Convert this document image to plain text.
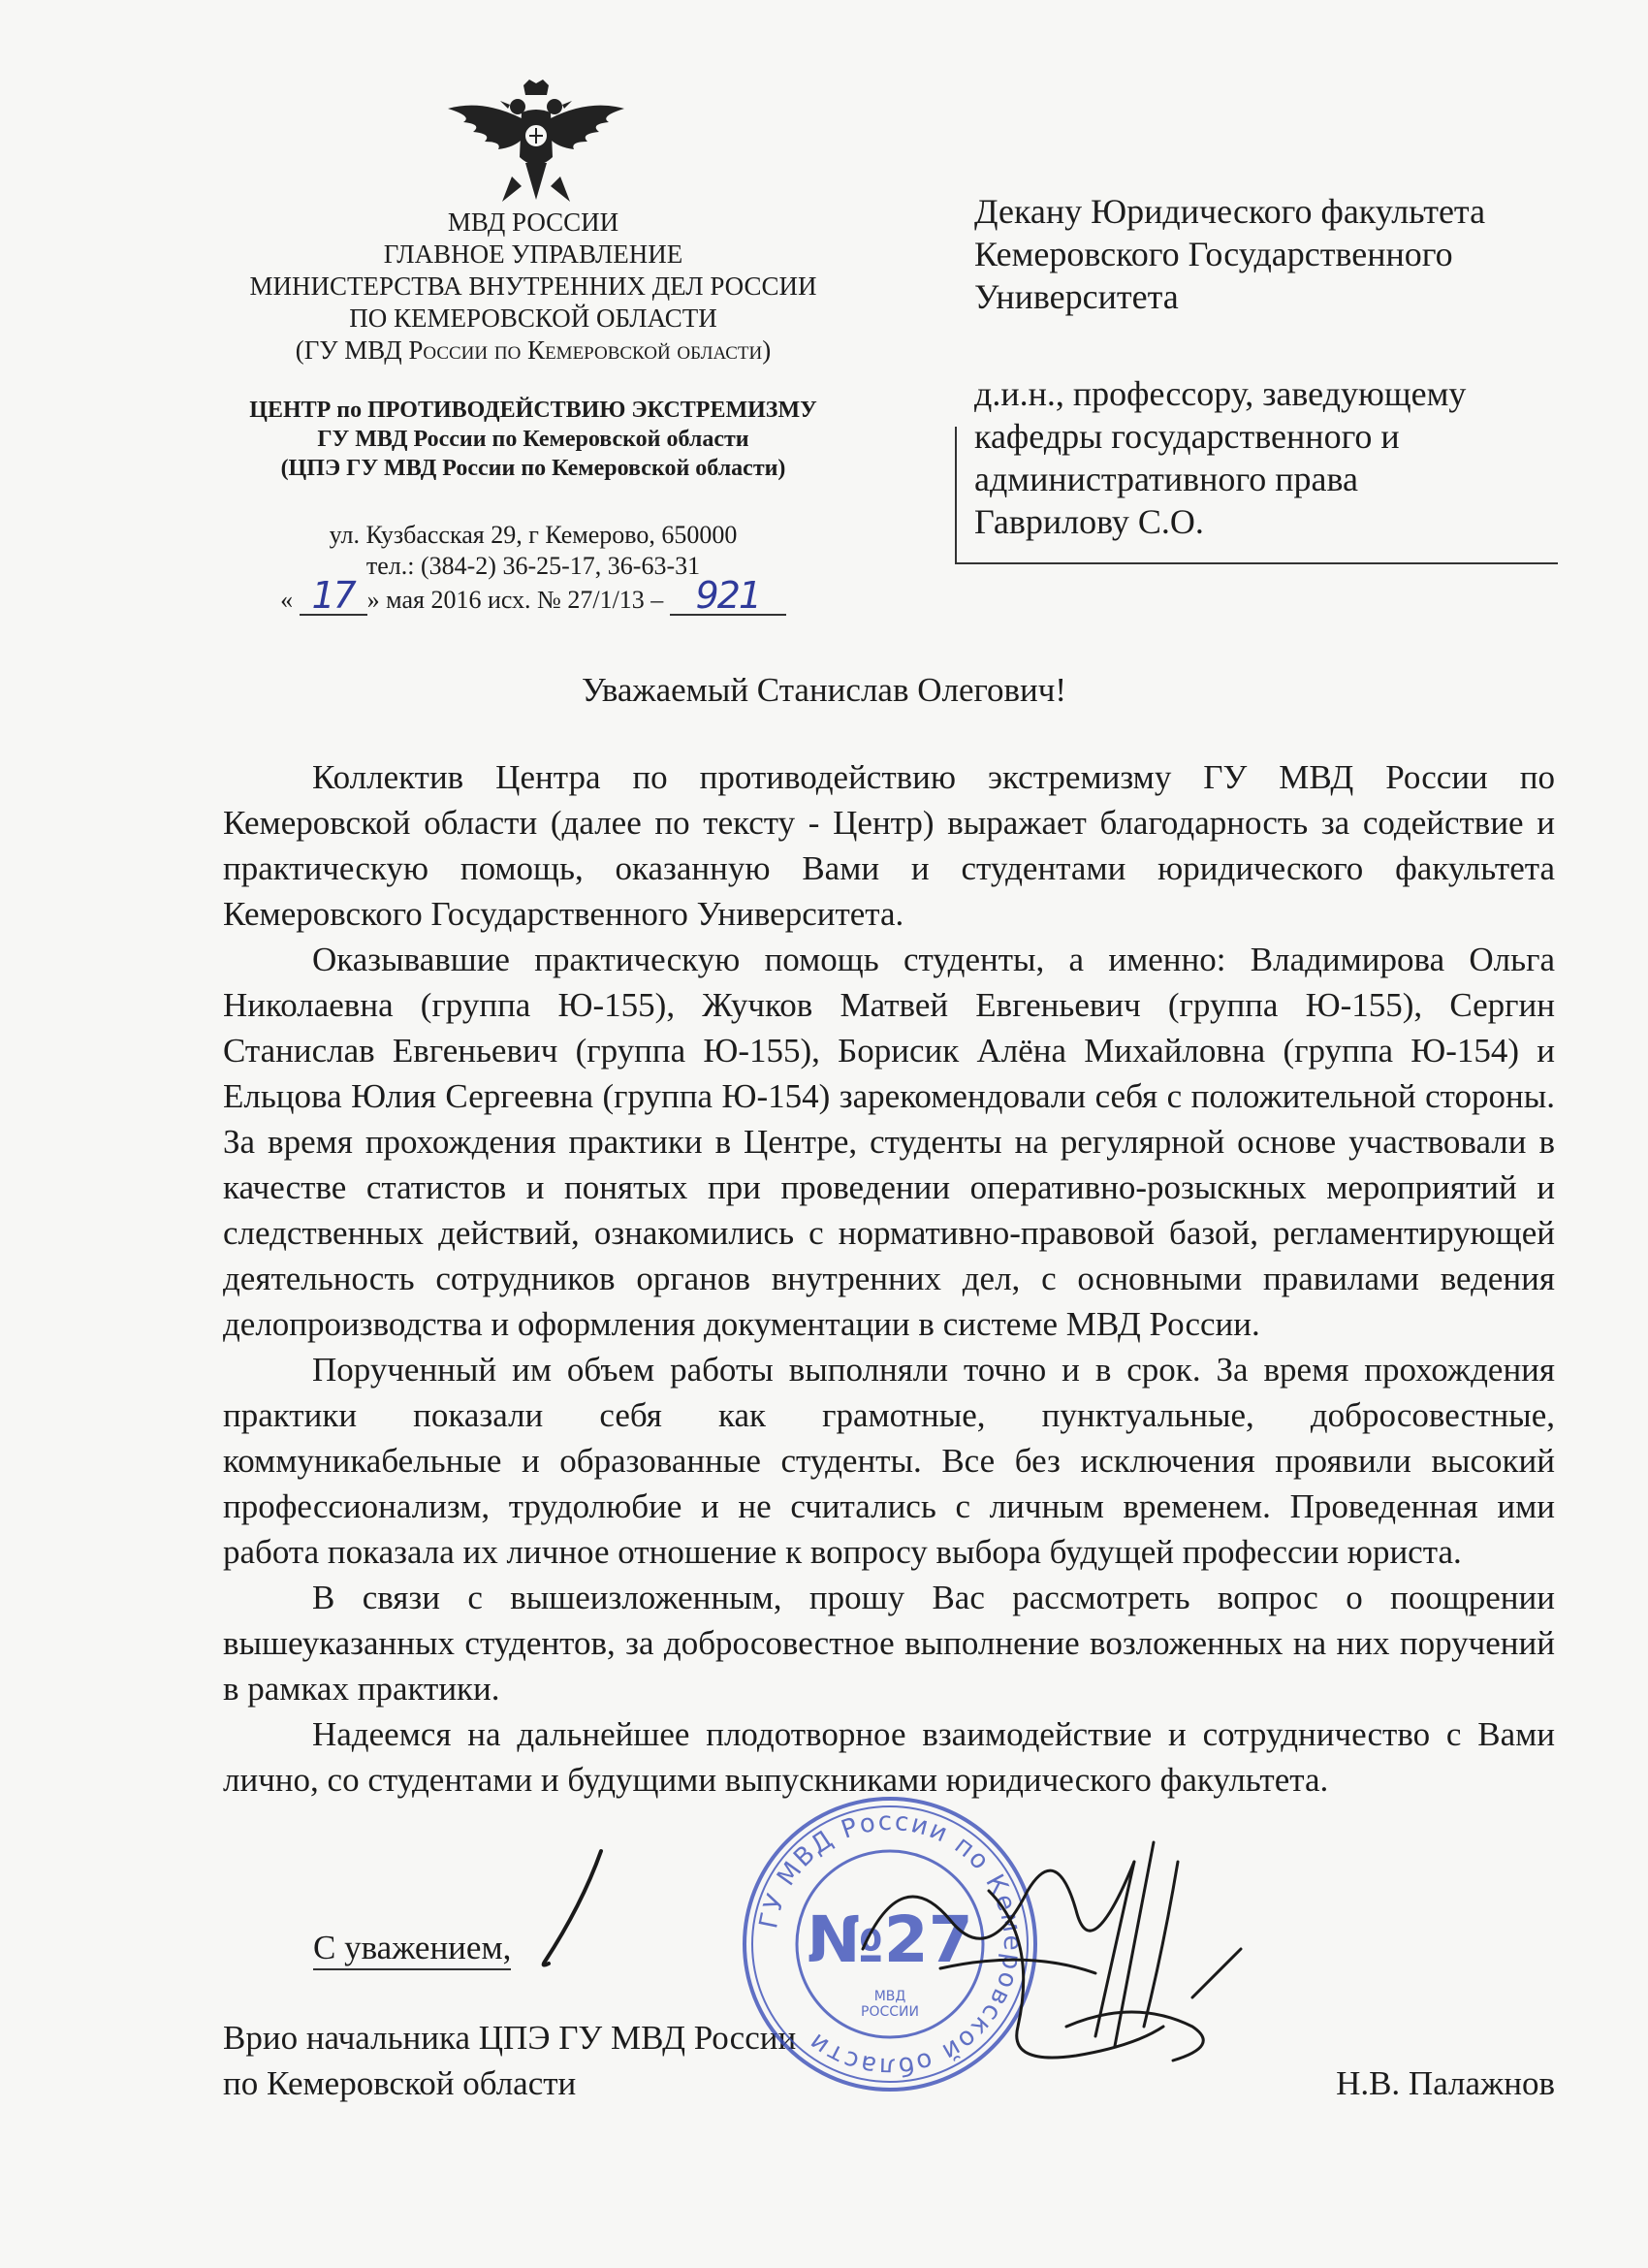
МВД РОССИИ
ГЛАВНОЕ УПРАВЛЕНИЕ
МИНИСТЕРСТВА ВНУТРЕННИХ ДЕЛ РОССИИ
ПО КЕМЕРОВСКОЙ ОБЛАСТИ
(ГУ МВД России по Кемеровской области)
ЦЕНТР по ПРОТИВОДЕЙСТВИЮ ЭКСТРЕМИЗМУ
ГУ МВД России по Кемеровской области
(ЦПЭ ГУ МВД России по Кемеровской области)
ул. Кузбасская 29, г Кемерово, 650000
тел.: (384-2) 36-25-17, 36-63-31
« 17 » мая 2016 исх. № 27/1/13 – 921
Декану Юридического факультета
Кемеровского Государственного
Университета
д.и.н., профессору, заведующему
кафедры государственного и
административного права
Гаврилову С.О.
Уважаемый Станислав Олегович!

Коллектив Центра по противодействию экстремизму ГУ МВД России по Кемеровской области (далее по тексту - Центр) выражает благодарность за содействие и практическую помощь, оказанную Вами и студентами юридического факультета Кемеровского Государственного Университета.

Оказывавшие практическую помощь студенты, а именно: Владимирова Ольга Николаевна (группа Ю-155), Жучков Матвей Евгеньевич (группа Ю-155), Сергин Станислав Евгеньевич (группа Ю-155), Борисик Алёна Михайловна (группа Ю-154) и Ельцова Юлия Сергеевна (группа Ю-154) зарекомендовали себя с положительной стороны. За время прохождения практики в Центре, студенты на регулярной основе участвовали в качестве статистов и понятых при проведении оперативно-розыскных мероприятий и следственных действий, ознакомились с нормативно-правовой базой, регламентирующей деятельность сотрудников органов внутренних дел, с основными правилами ведения делопроизводства и оформления документации в системе МВД России.

Порученный им объем работы выполняли точно и в срок. За время прохождения практики показали себя как грамотные, пунктуальные, добросовестные, коммуникабельные и образованные студенты. Все без исключения проявили высокий профессионализм, трудолюбие и не считались с личным временем. Проведенная ими работа показала их личное отношение к вопросу выбора будущей профессии юриста.

В связи с вышеизложенным, прошу Вас рассмотреть вопрос о поощрении вышеуказанных студентов, за добросовестное выполнение возложенных на них поручений в рамках практики.

Надеемся на дальнейшее плодотворное взаимодействие и сотрудничество с Вами лично, со студентами и будущими выпускниками юридического факультета.

С уважением,
Врио начальника ЦПЭ ГУ МВД России
по Кемеровской области	Н.В. Палажнов
ГУ МВД России по Кемеровской области
№27
МВД
РОССИИ
